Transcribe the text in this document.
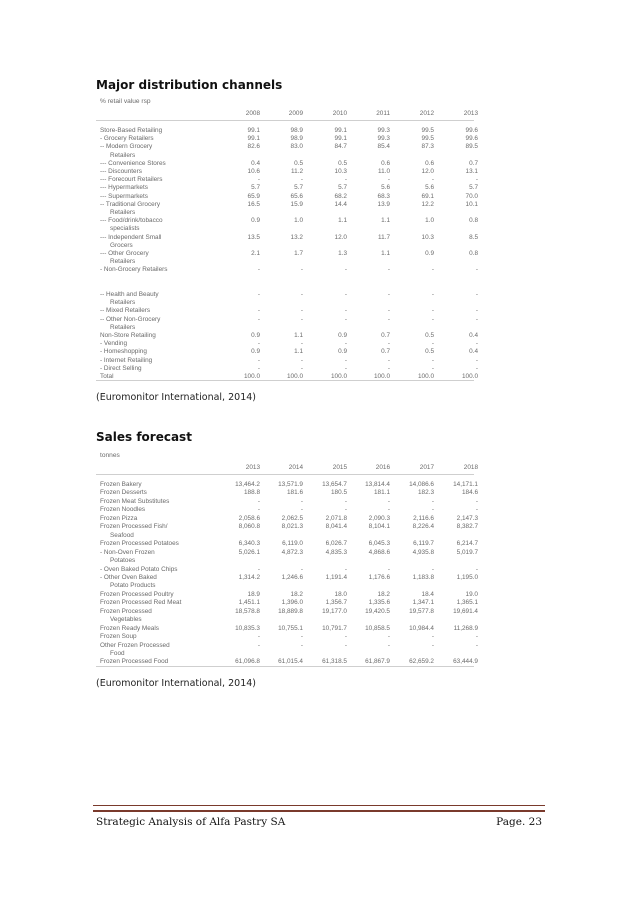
Major distribution channels
% retail value rsp
2008	2009	2010	2011	2012	2013
Store-Based Retailing	99.1	98.9	99.1	99.3	99.5	99.6
- Grocery Retailers	99.1	98.9	99.1	99.3	99.5	99.6
-- Modern Grocery	82.6	83.0	84.7	85.4	87.3	89.5
Retailers
--- Convenience Stores	0.4	0.5	0.5	0.6	0.6	0.7
--- Discounters	10.6	11.2	10.3	11.0	12.0	13.1
--- Forecourt Retailers	-	-	-	-	-	-
--- Hypermarkets	5.7	5.7	5.7	5.6	5.6	5.7
--- Supermarkets	65.9	65.6	68.2	68.3	69.1	70.0
-- Traditional Grocery	16.5	15.9	14.4	13.9	12.2	10.1
Retailers
--- Food/drink/tobacco	0.9	1.0	1.1	1.1	1.0	0.8
specialists
--- Independent Small	13.5	13.2	12.0	11.7	10.3	8.5
Grocers
--- Other Grocery	2.1	1.7	1.3	1.1	0.9	0.8
Retailers
- Non-Grocery Retailers	-	-	-	-	-	-
-- Health and Beauty	-	-	-	-	-	-
Retailers
-- Mixed Retailers	-	-	-	-	-	-
-- Other Non-Grocery	-	-	-	-	-	-
Retailers
Non-Store Retailing	0.9	1.1	0.9	0.7	0.5	0.4
- Vending	-	-	-	-	-	-
- Homeshopping	0.9	1.1	0.9	0.7	0.5	0.4
- Internet Retailing	-	-	-	-	-	-
- Direct Selling	-	-	-	-	-	-
Total	100.0	100.0	100.0	100.0	100.0	100.0
(Euromonitor International, 2014)
Sales forecast
tonnes
2013	2014	2015	2016	2017	2018
Frozen Bakery	13,464.2	13,571.9	13,654.7	13,814.4	14,086.6	14,171.1
Frozen Desserts	188.8	181.6	180.5	181.1	182.3	184.6
Frozen Meat Substitutes	-	-	-	-	-	-
Frozen Noodles	-	-	-	-	-	-
Frozen Pizza	2,058.6	2,062.5	2,071.8	2,090.3	2,116.6	2,147.3
Frozen Processed Fish/	8,060.8	8,021.3	8,041.4	8,104.1	8,226.4	8,382.7
Seafood
Frozen Processed Potatoes	6,340.3	6,119.0	6,026.7	6,045.3	6,119.7	6,214.7
- Non-Oven Frozen	5,026.1	4,872.3	4,835.3	4,868.6	4,935.8	5,019.7
Potatoes
- Oven Baked Potato Chips	-	-	-	-	-	-
- Other Oven Baked	1,314.2	1,246.6	1,191.4	1,176.6	1,183.8	1,195.0
Potato Products
Frozen Processed Poultry	18.9	18.2	18.0	18.2	18.4	19.0
Frozen Processed Red Meat	1,451.1	1,396.0	1,356.7	1,335.6	1,347.1	1,365.1
Frozen Processed	18,578.8	18,889.8	19,177.0	19,420.5	19,577.8	19,691.4
Vegetables
Frozen Ready Meals	10,835.3	10,755.1	10,791.7	10,858.5	10,984.4	11,268.9
Frozen Soup	-	-	-	-	-	-
Other Frozen Processed	-	-	-	-	-	-
Food
Frozen Processed Food	61,096.8	61,015.4	61,318.5	61,867.9	62,659.2	63,444.9
(Euromonitor International, 2014)
Strategic Analysis of Alfa Pastry SA	Page. 23
